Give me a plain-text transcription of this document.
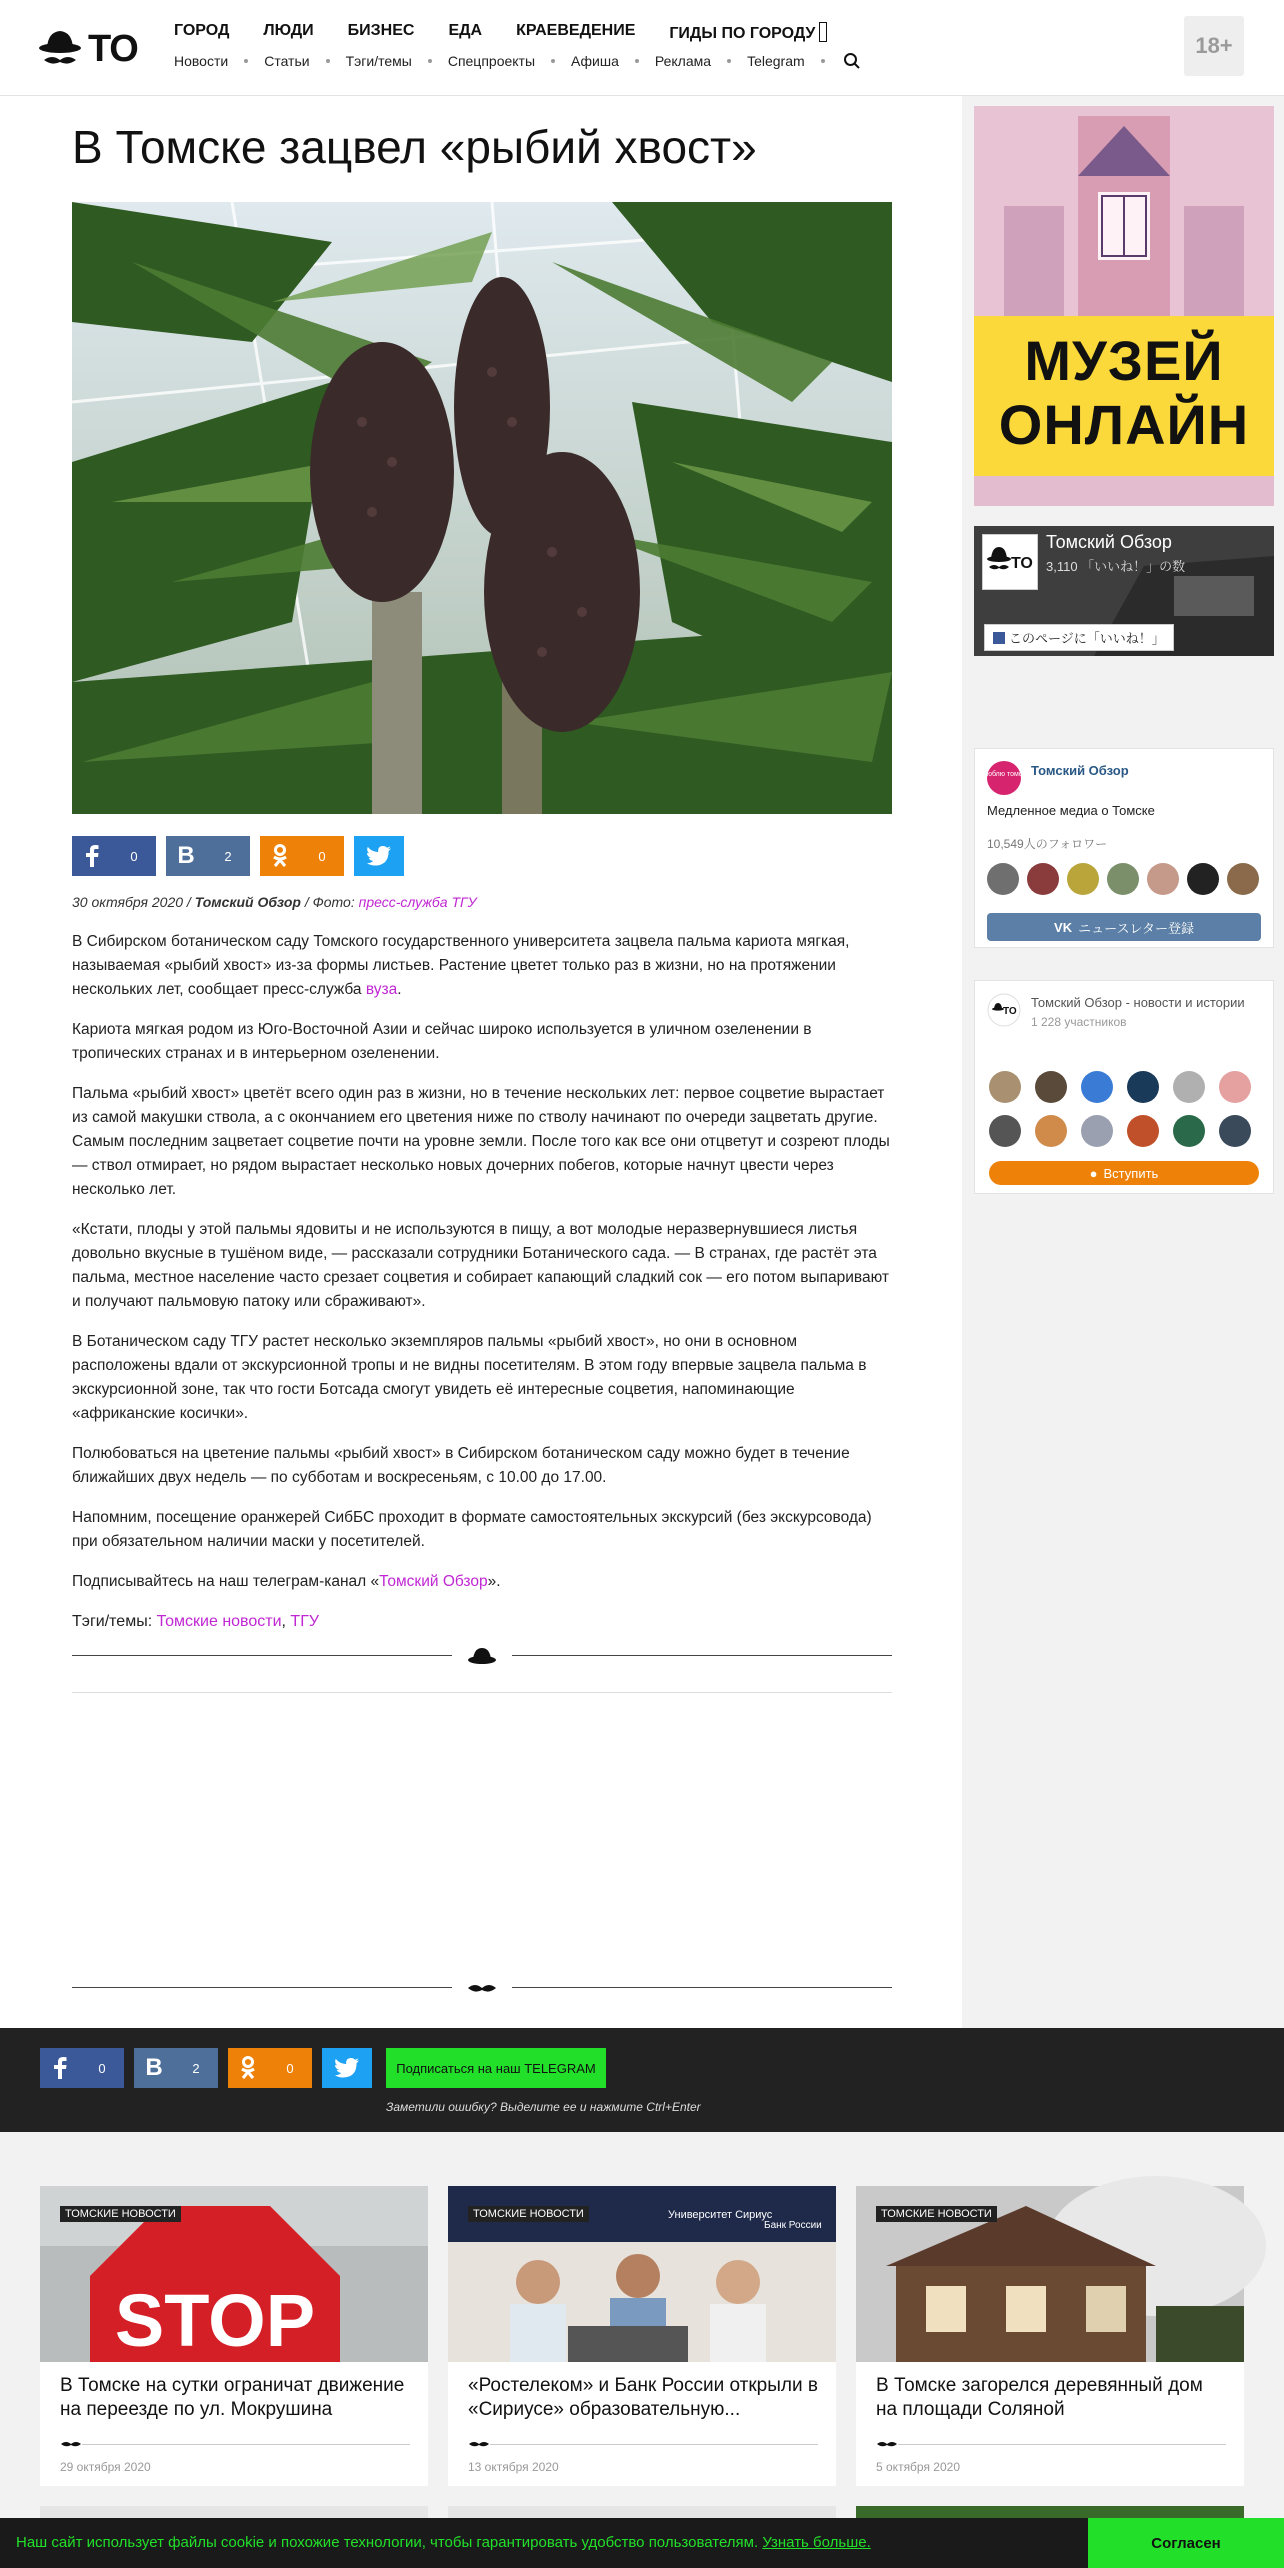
ТО ГОРОД ЛЮДИ БИЗНЕС ЕДА КРАЕВЕДЕНИЕ ГИДЫ ПО ГОРОДУ
Новости	Статьи	Тэги/темы	Спецпроекты	Афиша	Реклама	Telegram
18+
В Томске зацвел «рыбий хвост»
0	B	2	0
30 октября 2020 / Томский Обзор / Фото: пресс-служба ТГУ

В Сибирском ботаническом саду Томского государственного университета зацвела пальма кариота мягкая, называемая «рыбий хвост» из-за формы листьев. Растение цветет только раз в жизни, но на протяжении нескольких лет, сообщает пресс-служба вуза.

Кариота мягкая родом из Юго-Восточной Азии и сейчас широко используется в уличном озеленении в тропических странах и в интерьерном озеленении.

Пальма «рыбий хвост» цветёт всего один раз в жизни, но в течение нескольких лет: первое соцветие вырастает из самой макушки ствола, а с окончанием его цветения ниже по стволу начинают по очереди зацветать другие. Самым последним зацветает соцветие почти на уровне земли. После того как все они отцветут и созреют плоды — ствол отмирает, но рядом вырастает несколько новых дочерних побегов, которые начнут цвести через несколько лет.

«Кстати, плоды у этой пальмы ядовиты и не используются в пищу, а вот молодые неразвернувшиеся листья довольно вкусные в тушёном виде, — рассказали сотрудники Ботанического сада. — В странах, где растёт эта пальма, местное население часто срезает соцветия и собирает капающий сладкий сок — его потом выпаривают и получают пальмовую патоку или сбраживают».

В Ботаническом саду ТГУ растет несколько экземпляров пальмы «рыбий хвост», но они в основном расположены вдали от экскурсионной тропы и не видны посетителям. В этом году впервые зацвела пальма в экскурсионной зоне, так что гости Ботсада смогут увидеть её интересные соцветия, напоминающие «африканские косички».

Полюбоваться на цветение пальмы «рыбий хвост» в Сибирском ботаническом саду можно будет в течение ближайших двух недель — по субботам и воскресеньям, с 10.00 до 17.00.

Напомним, посещение оранжерей СибБС проходит в формате самостоятельных экскурсий (без экскурсовода) при обязательном наличии маски у посетителей.

Подписывайтесь на наш телеграм-канал «Томский Обзор».

Тэги/темы: Томские новости, ТГУ
МУЗЕЙ
ОНЛАЙН
ТО
Томский Обзор
3,110 「いいね！」の数
このページに「いいね！」
люблю томск Томский Обзор
Медленное медиа о Томске
10,549人のフォロワー
VK ニュースレター登録
ТО
Томский Обзор - новости и истории
1 228 участников
● Вступить
0	B	2	0	Подписаться на наш TELEGRAM
Заметили ошибку? Выделите ее и нажмите Ctrl+Enter
STOP
ТОМСКИЕ НОВОСТИ
В Томске на сутки ограничат движение на переезде по ул. Мокрушина
29 октября 2020
Университет Сириус
Банк России
ТОМСКИЕ НОВОСТИ
«Ростелеком» и Банк России открыли в «Сириусе» образовательную...
13 октября 2020
ТОМСКИЕ НОВОСТИ
В Томске загорелся деревянный дом на площади Соляной
5 октября 2020
Наш сайт использует файлы cookie и похожие технологии, чтобы гарантировать удобство пользователям. Узнать больше.	Согласен
